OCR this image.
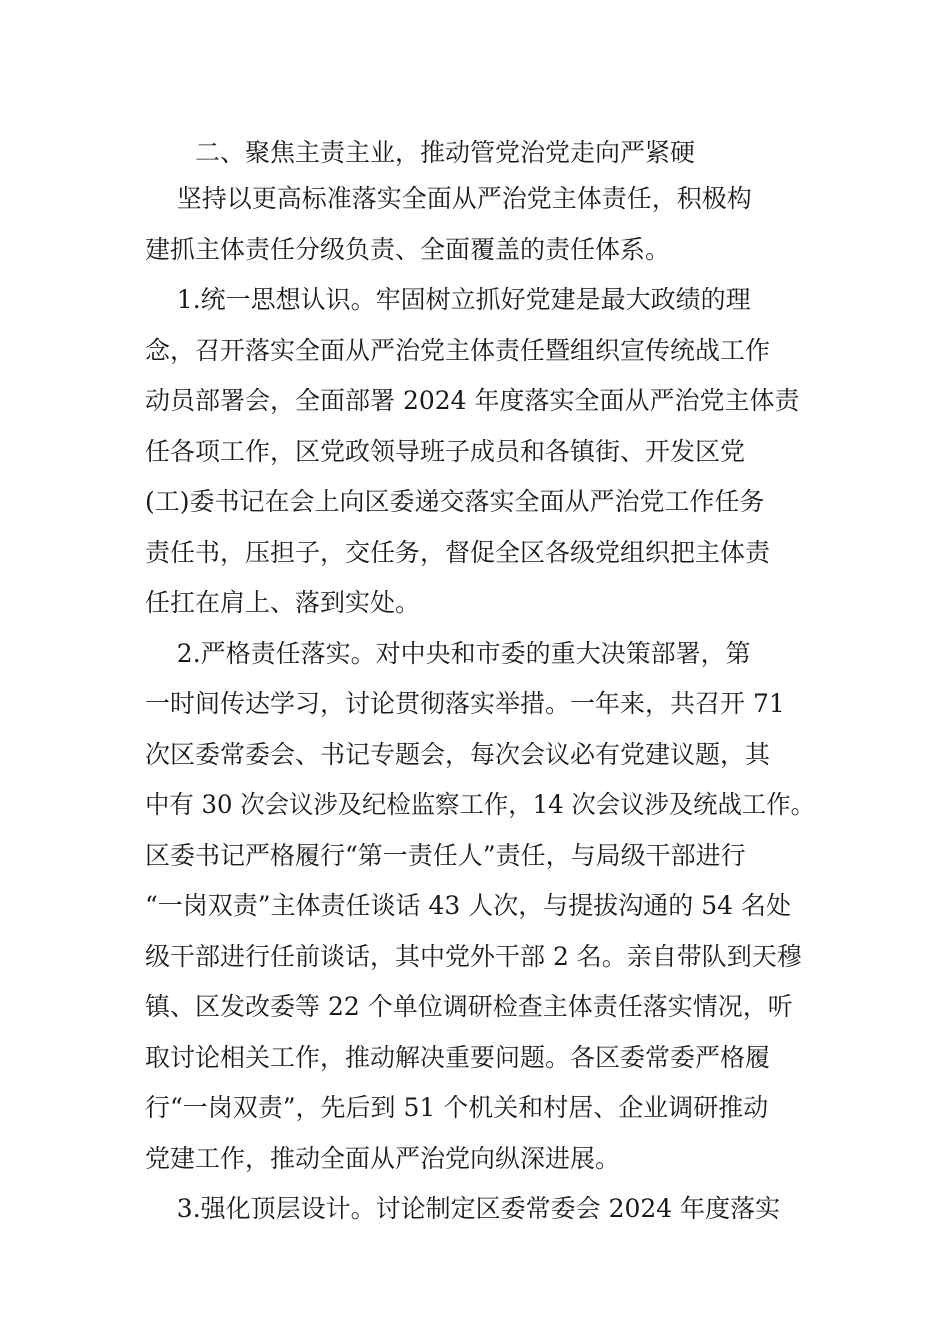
二、聚焦主责主业，推动管党治党走向严紧硬
坚持以更高标准落实全面从严治党主体责任，积极构
建抓主体责任分级负责、全面覆盖的责任体系。
1.统一思想认识。牢固树立抓好党建是最大政绩的理
念，召开落实全面从严治党主体责任暨组织宣传统战工作
动员部署会，全面部署 2024 年度落实全面从严治党主体责
任各项工作，区党政领导班子成员和各镇街、开发区党
(工)委书记在会上向区委递交落实全面从严治党工作任务
责任书，压担子，交任务，督促全区各级党组织把主体责
任扛在肩上、落到实处。
2.严格责任落实。对中央和市委的重大决策部署，第
一时间传达学习，讨论贯彻落实举措。一年来，共召开 71
次区委常委会、书记专题会，每次会议必有党建议题，其
中有 30 次会议涉及纪检监察工作，14 次会议涉及统战工作。
区委书记严格履行“第一责任人”责任，与局级干部进行
“一岗双责”主体责任谈话 43 人次，与提拔沟通的 54 名处
级干部进行任前谈话，其中党外干部 2 名。亲自带队到天穆
镇、区发改委等 22 个单位调研检查主体责任落实情况，听
取讨论相关工作，推动解决重要问题。各区委常委严格履
行“一岗双责”，先后到 51 个机关和村居、企业调研推动
党建工作，推动全面从严治党向纵深进展。
3.强化顶层设计。讨论制定区委常委会 2024 年度落实
